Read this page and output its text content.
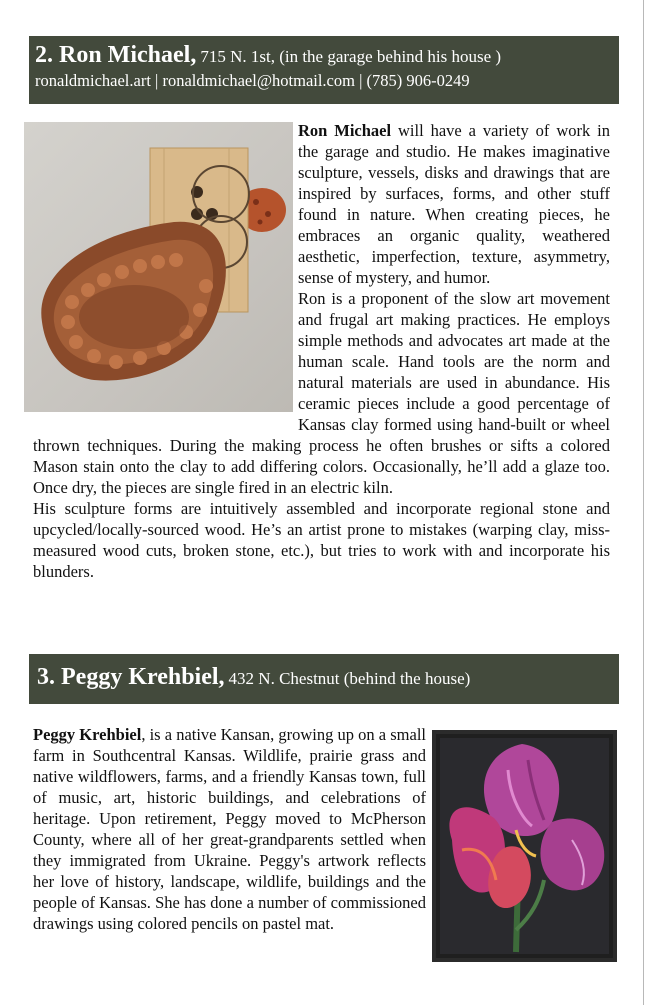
2. Ron Michael, 715 N. 1st, (in the garage behind his house )
ronaldmichael.art | ronaldmichael@hotmail.com | (785) 906-0249

Ron Michael will have a variety of work in the garage and studio. He makes imaginative sculpture, vessels, disks and drawings that are inspired by surfaces, forms, and other stuff found in nature. When creating pieces, he embraces an organic quality, weathered aesthetic, imperfection, texture, asymmetry, sense of mystery, and humor.

Ron is a proponent of the slow art movement and frugal art making practices. He employs simple methods and advocates art made at the human scale. Hand tools are the norm and natural materials are used in abundance. His ceramic pieces include a good percentage of Kansas clay formed using hand-built or wheel thrown techniques. During the making process he often brushes or sifts a colored Mason stain onto the clay to add differing colors. Occasionally, he’ll add a glaze too. Once dry, the pieces are single fired in an electric kiln.

His sculpture forms are intuitively assembled and incorporate regional stone and upcycled/locally-sourced wood. He’s an artist prone to mistakes (warping clay, miss-measured wood cuts, broken stone, etc.), but tries to work with and incorporate his blunders.

3. Peggy Krehbiel, 432 N. Chestnut (behind the house)

Peggy Krehbiel, is a native Kansan, growing up on a small farm in Southcentral Kansas. Wildlife, prairie grass and native wildflowers, farms, and a friendly Kansas town, full of music, art, historic buildings, and celebrations of heritage. Upon retirement, Peggy moved to McPherson County, where all of her great-grandparents settled when they immigrated from Ukraine. Peggy's artwork reflects her love of history, landscape, wildlife, buildings and the people of Kansas. She has done a number of commissioned drawings using colored pencils on pastel mat.
